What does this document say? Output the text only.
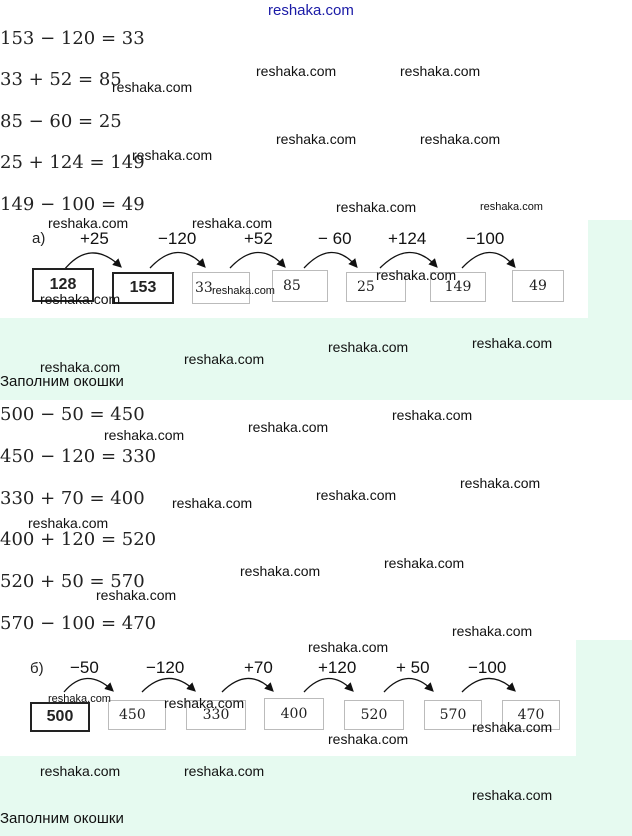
reshaka.com
153 − 120 = 33
33 + 52 = 85
85 − 60 = 25
25 + 124 = 149
149 − 100 = 49
а) +25	−120	+52	− 60 +124 −100
128	153	33	85	25	149	49
Заполним окошки
500 − 50 = 450
450 − 120 = 330
330 + 70 = 400
400 + 120 = 520
520 + 50 = 570
570 − 100 = 470
б) −50	−120	+70	+120 + 50 −100
500	450	330	400	520	570	470
Заполним окошки
reshaka.com	reshaka.com
reshaka.com
reshaka.com	reshaka.com
reshaka.com
reshaka.com	reshaka.com
reshaka.com	reshaka.com
reshaka.com
reshaka.com
reshaka.com
reshaka.com
reshaka.com
reshaka.com
reshaka.com
reshaka.com
reshaka.com
reshaka.com
reshaka.com
reshaka.com
reshaka.com
reshaka.com
reshaka.com
reshaka.com
reshaka.com
reshaka.com
reshaka.com
reshaka.com	reshaka.com
reshaka.com
reshaka.com
reshaka.com	reshaka.com
reshaka.com
